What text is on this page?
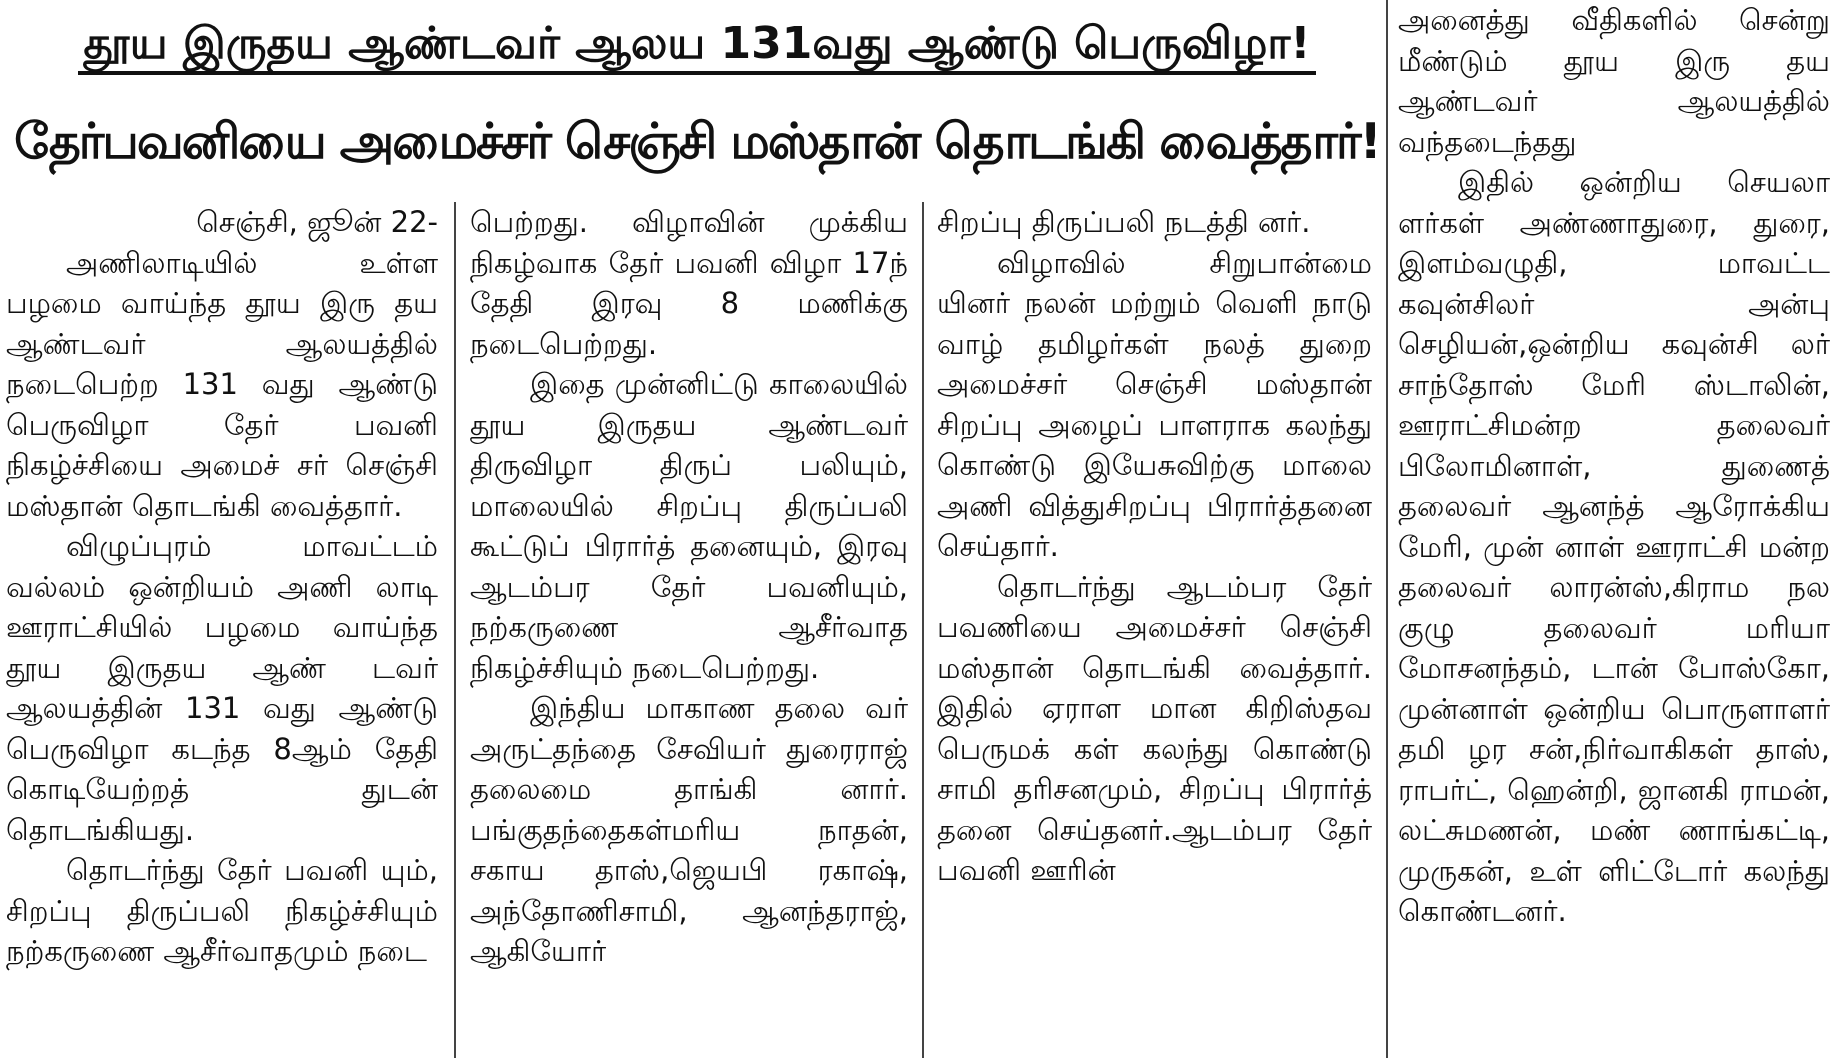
தூய இருதய ஆண்டவர் ஆலய 131வது ஆண்டு பெருவிழா!
தேர்பவனியை அமைச்சர் செஞ்சி மஸ்தான் தொடங்கி வைத்தார்!

செஞ்சி, ஜூன் 22-

அணிலாடியில் உள்ள பழமை வாய்ந்த தூய இரு தய ஆண்டவர் ஆலயத்தில் நடைபெற்ற 131 வது ஆண்டு பெருவிழா தேர் பவனி நிகழ்ச்சியை அமைச் சர் செஞ்சி மஸ்தான் தொடங்கி வைத்தார்.

விழுப்புரம் மாவட்டம் வல்லம் ஒன்றியம் அணி லாடி ஊராட்சியில் பழமை வாய்ந்த தூய இருதய ஆண் டவர் ஆலயத்தின் 131 வது ஆண்டு பெருவிழா கடந்த 8ஆம் தேதி கொடியேற்றத் துடன் தொடங்கியது.

தொடர்ந்து தேர் பவனி யும், சிறப்பு திருப்பலி நிகழ்ச்சியும் நற்கருணை ஆசீர்வாதமும் நடை

பெற்றது. விழாவின் முக்கிய நிகழ்வாக தேர் பவனி விழா 17ந் தேதி இரவு 8 மணிக்கு நடைபெற்றது.

இதை முன்னிட்டு காலையில் தூய இருதய ஆண்டவர் திருவிழா திருப் பலியும், மாலையில் சிறப்பு திருப்பலி கூட்டுப் பிரார்த் தனையும், இரவு ஆடம்பர தேர் பவனியும், நற்கருணை ஆசீர்வாத நிகழ்ச்சியும் நடைபெற்றது.

இந்திய மாகாண தலை வர் அருட்தந்தை சேவியர் துரைராஜ் தலைமை தாங்கி னார். பங்குதந்தைகள்மரிய நாதன், சகாய தாஸ்,ஜெயபி ரகாஷ், அந்தோணிசாமி, ஆனந்தராஜ், ஆகியோர்

சிறப்பு திருப்பலி நடத்தி னர்.

விழாவில் சிறுபான்மை யினர் நலன் மற்றும் வெளி நாடு வாழ் தமிழர்கள் நலத் துறை அமைச்சர் செஞ்சி மஸ்தான் சிறப்பு அழைப் பாளராக கலந்து கொண்டு இயேசுவிற்கு மாலை அணி வித்துசிறப்பு பிரார்த்தனை செய்தார்.

தொடர்ந்து ஆடம்பர தேர் பவணியை அமைச்சர் செஞ்சி மஸ்தான் தொடங்கி வைத்தார். இதில் ஏராள மான கிறிஸ்தவ பெருமக் கள் கலந்து கொண்டு சாமி தரிசனமும், சிறப்பு பிரார்த் தனை செய்தனர்.ஆடம்பர தேர் பவனி ஊரின்

அனைத்து வீதிகளில் சென்று மீண்டும் தூய இரு தய ஆண்டவர் ஆலயத்தில் வந்தடைந்தது

இதில் ஒன்றிய செயலா ளர்கள் அண்ணாதுரை, துரை, இளம்வழுதி, மாவட்ட கவுன்சிலர் அன்பு செழியன்,ஒன்றிய கவுன்சி லர் சாந்தோஸ் மேரி ஸ்டாலின், ஊராட்சிமன்ற தலைவர் பிலோமினாள், துணைத் தலைவர் ஆனந்த் ஆரோக்கிய மேரி, முன் னாள் ஊராட்சி மன்ற தலைவர் லாரன்ஸ்,கிராம நல குழு தலைவர் மரியா மோசனந்தம், டான் போஸ்கோ, முன்னாள் ஒன்றிய பொருளாளர் தமி ழர சன்,நிர்வாகிகள் தாஸ், ராபர்ட், ஹென்றி, ஜானகி ராமன், லட்சுமணன், மண் ணாங்கட்டி, முருகன், உள் ளிட்டோர் கலந்து கொண்டனர்.
